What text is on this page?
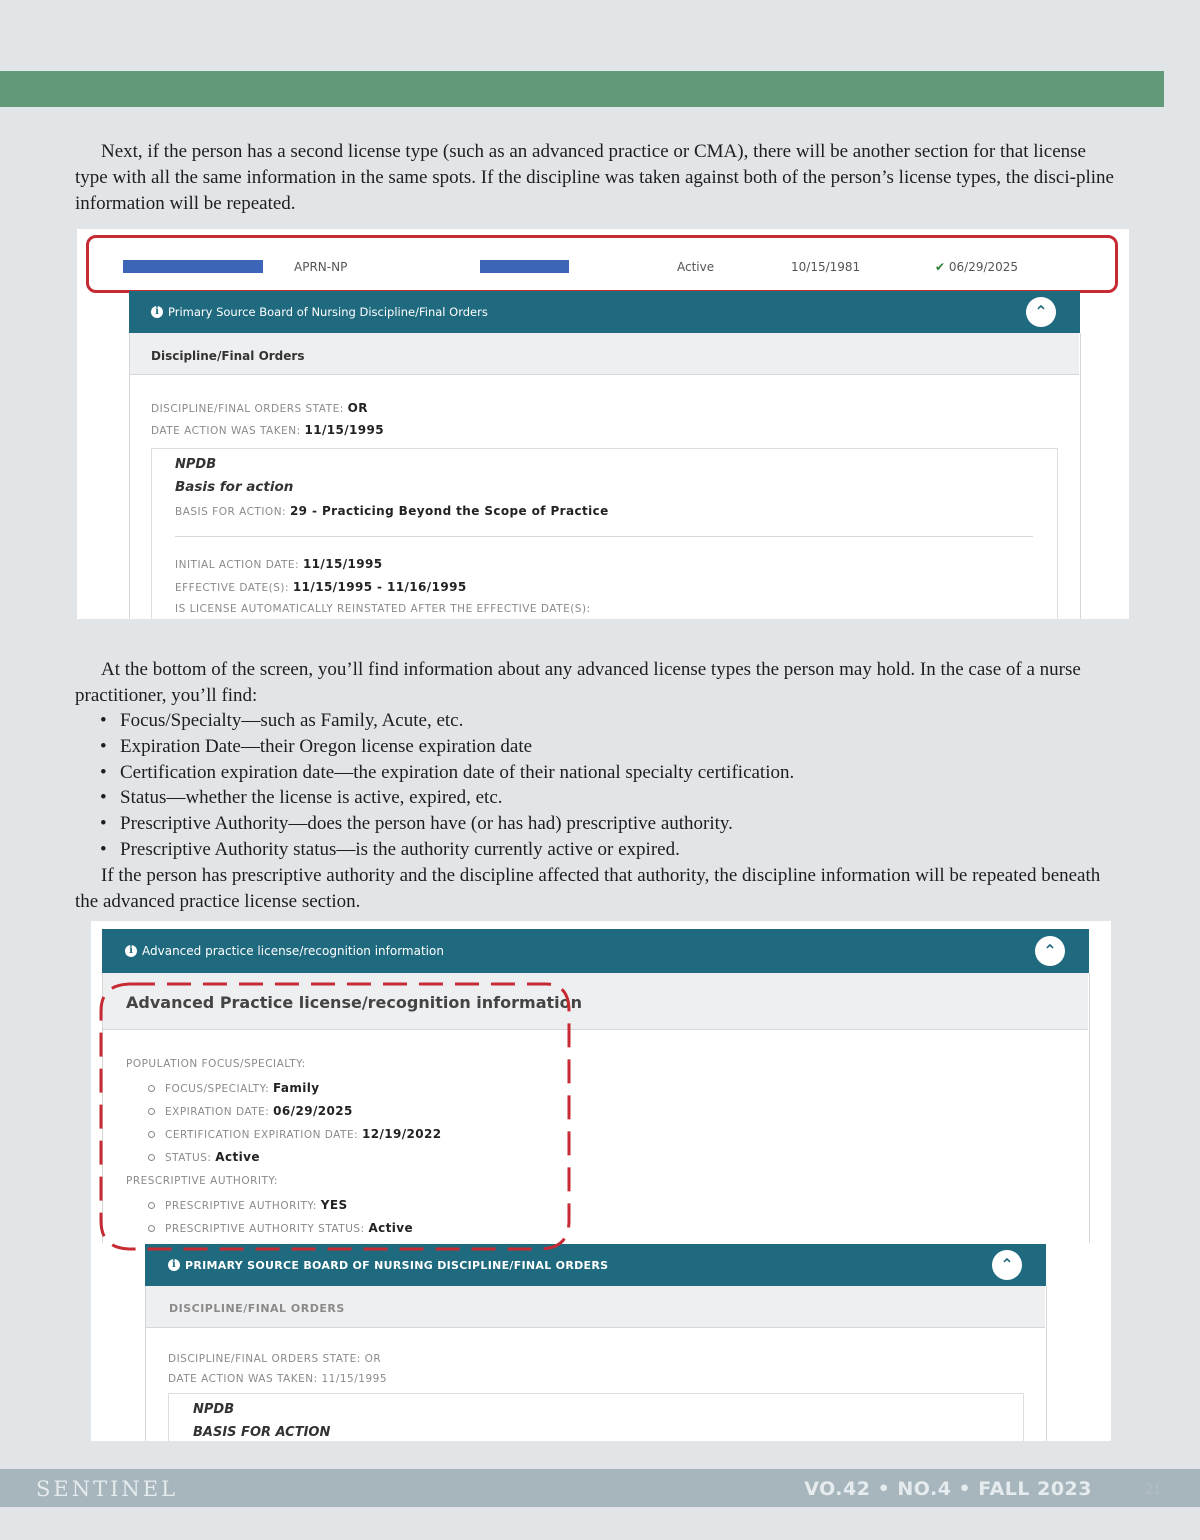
Next, if the person has a second license type (such as an advanced practice or CMA), there will be another section for that license type with all the same information in the same spots. If the discipline was taken against both of the person’s license types, the disci-pline information will be repeated.

APRN-NP	Active	10/15/1981	✔ 06/29/2025
i Primary Source Board of Nursing Discipline/Final Orders	⌃
Discipline/Final Orders
DISCIPLINE/FINAL ORDERS STATE: OR
DATE ACTION WAS TAKEN: 11/15/1995
NPDB
Basis for action
BASIS FOR ACTION: 29 - Practicing Beyond the Scope of Practice
INITIAL ACTION DATE: 11/15/1995
EFFECTIVE DATE(S): 11/15/1995 - 11/16/1995
IS LICENSE AUTOMATICALLY REINSTATED AFTER THE EFFECTIVE DATE(S):

At the bottom of the screen, you’ll find information about any advanced license types the person may hold. In the case of a nurse practitioner, you’ll find:

• Focus/Specialty—such as Family, Acute, etc.
• Expiration Date—their Oregon license expiration date
• Certification expiration date—the expiration date of their national specialty certification.
• Status—whether the license is active, expired, etc.
• Prescriptive Authority—does the person have (or has had) prescriptive authority.
• Prescriptive Authority status—is the authority currently active or expired.

If the person has prescriptive authority and the discipline affected that authority, the discipline information will be repeated beneath the advanced practice license section.

i Advanced practice license/recognition information	⌃
Advanced Practice license/recognition information
POPULATION FOCUS/SPECIALTY:
FOCUS/SPECIALTY: Family
EXPIRATION DATE: 06/29/2025
CERTIFICATION EXPIRATION DATE: 12/19/2022
STATUS: Active
PRESCRIPTIVE AUTHORITY:
PRESCRIPTIVE AUTHORITY: YES
PRESCRIPTIVE AUTHORITY STATUS: Active
i PRIMARY SOURCE BOARD OF NURSING DISCIPLINE/FINAL ORDERS	⌃
DISCIPLINE/FINAL ORDERS
DISCIPLINE/FINAL ORDERS STATE: OR
DATE ACTION WAS TAKEN: 11/15/1995
NPDB
BASIS FOR ACTION
SENTINEL	VO.42 • NO.4 • FALL 2023	21
